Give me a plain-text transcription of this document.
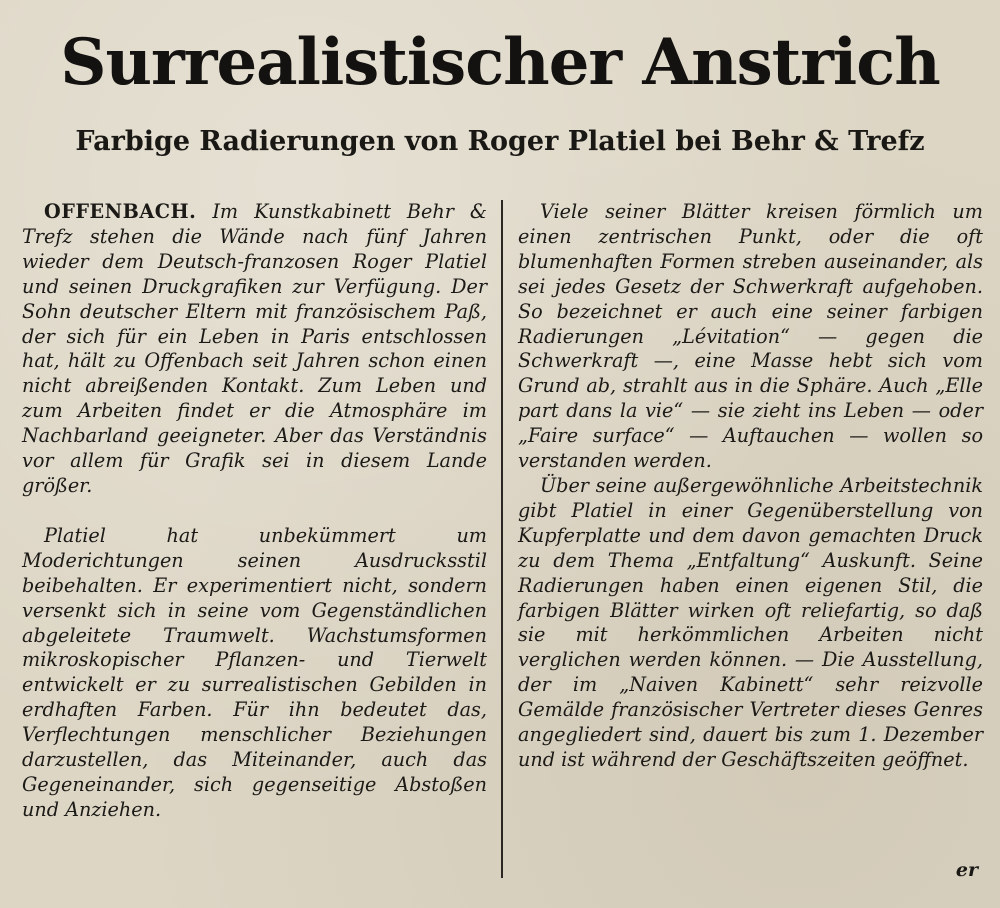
Surrealistischer Anstrich
Farbige Radierungen von Roger Platiel bei Behr & Trefz

OFFENBACH. Im Kunstkabinett Behr & Trefz stehen die Wände nach fünf Jahren wieder dem Deutsch-franzosen Roger Platiel und seinen Druckgrafiken zur Verfügung. Der Sohn deutscher Eltern mit französischem Paß, der sich für ein Leben in Paris entschlossen hat, hält zu Offenbach seit Jahren schon einen nicht abreißenden Kontakt. Zum Leben und zum Arbeiten findet er die Atmosphäre im Nachbarland geeigneter. Aber das Verständnis vor allem für Grafik sei in diesem Lande größer.

Platiel hat unbekümmert um Moderichtungen seinen Ausdrucksstil beibehalten. Er experimentiert nicht, sondern versenkt sich in seine vom Gegenständlichen abgeleitete Traumwelt. Wachstumsformen mikroskopischer Pflanzen- und Tierwelt entwickelt er zu surrealistischen Gebilden in erdhaften Farben. Für ihn bedeutet das, Verflechtungen menschlicher Beziehungen darzustellen, das Miteinander, auch das Gegeneinander, sich gegenseitige Abstoßen und Anziehen.

Viele seiner Blätter kreisen förmlich um einen zentrischen Punkt, oder die oft blumenhaften Formen streben auseinander, als sei jedes Gesetz der Schwerkraft aufgehoben. So bezeichnet er auch eine seiner farbigen Radierungen „Lévitation“ — gegen die Schwerkraft —, eine Masse hebt sich vom Grund ab, strahlt aus in die Sphäre. Auch „Elle part dans la vie“ — sie zieht ins Leben — oder „Faire surface“ — Auftauchen — wollen so verstanden werden.

Über seine außergewöhnliche Arbeitstechnik gibt Platiel in einer Gegenüberstellung von Kupferplatte und dem davon gemachten Druck zu dem Thema „Entfaltung“ Auskunft. Seine Radierungen haben einen eigenen Stil, die farbigen Blätter wirken oft reliefartig, so daß sie mit herkömmlichen Arbeiten nicht verglichen werden können. — Die Ausstellung, der im „Naiven Kabinett“ sehr reizvolle Gemälde französischer Vertreter dieses Genres angegliedert sind, dauert bis zum 1. Dezember und ist während der Geschäftszeiten geöffnet.

er
